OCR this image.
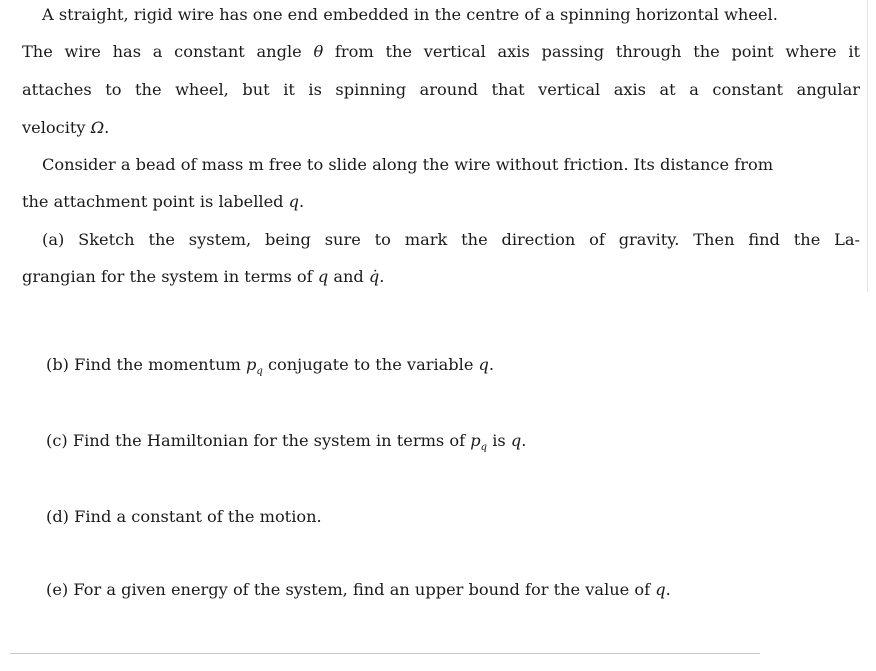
A straight, rigid wire has one end embedded in the centre of a spinning horizontal wheel.
The wire has a constant angle θ from the vertical axis passing through the point where it
attaches to the wheel, but it is spinning around that vertical axis at a constant angular
velocity Ω.
Consider a bead of mass m free to slide along the wire without friction. Its distance from
the attachment point is labelled q.
(a) Sketch the system, being sure to mark the direction of gravity. Then find the La-
grangian for the system in terms of q and q̇.
(b) Find the momentum $p_q$ conjugate to the variable q.
(c) Find the Hamiltonian for the system in terms of $p_q$ is q.
(d) Find a constant of the motion.
(e) For a given energy of the system, find an upper bound for the value of q.
